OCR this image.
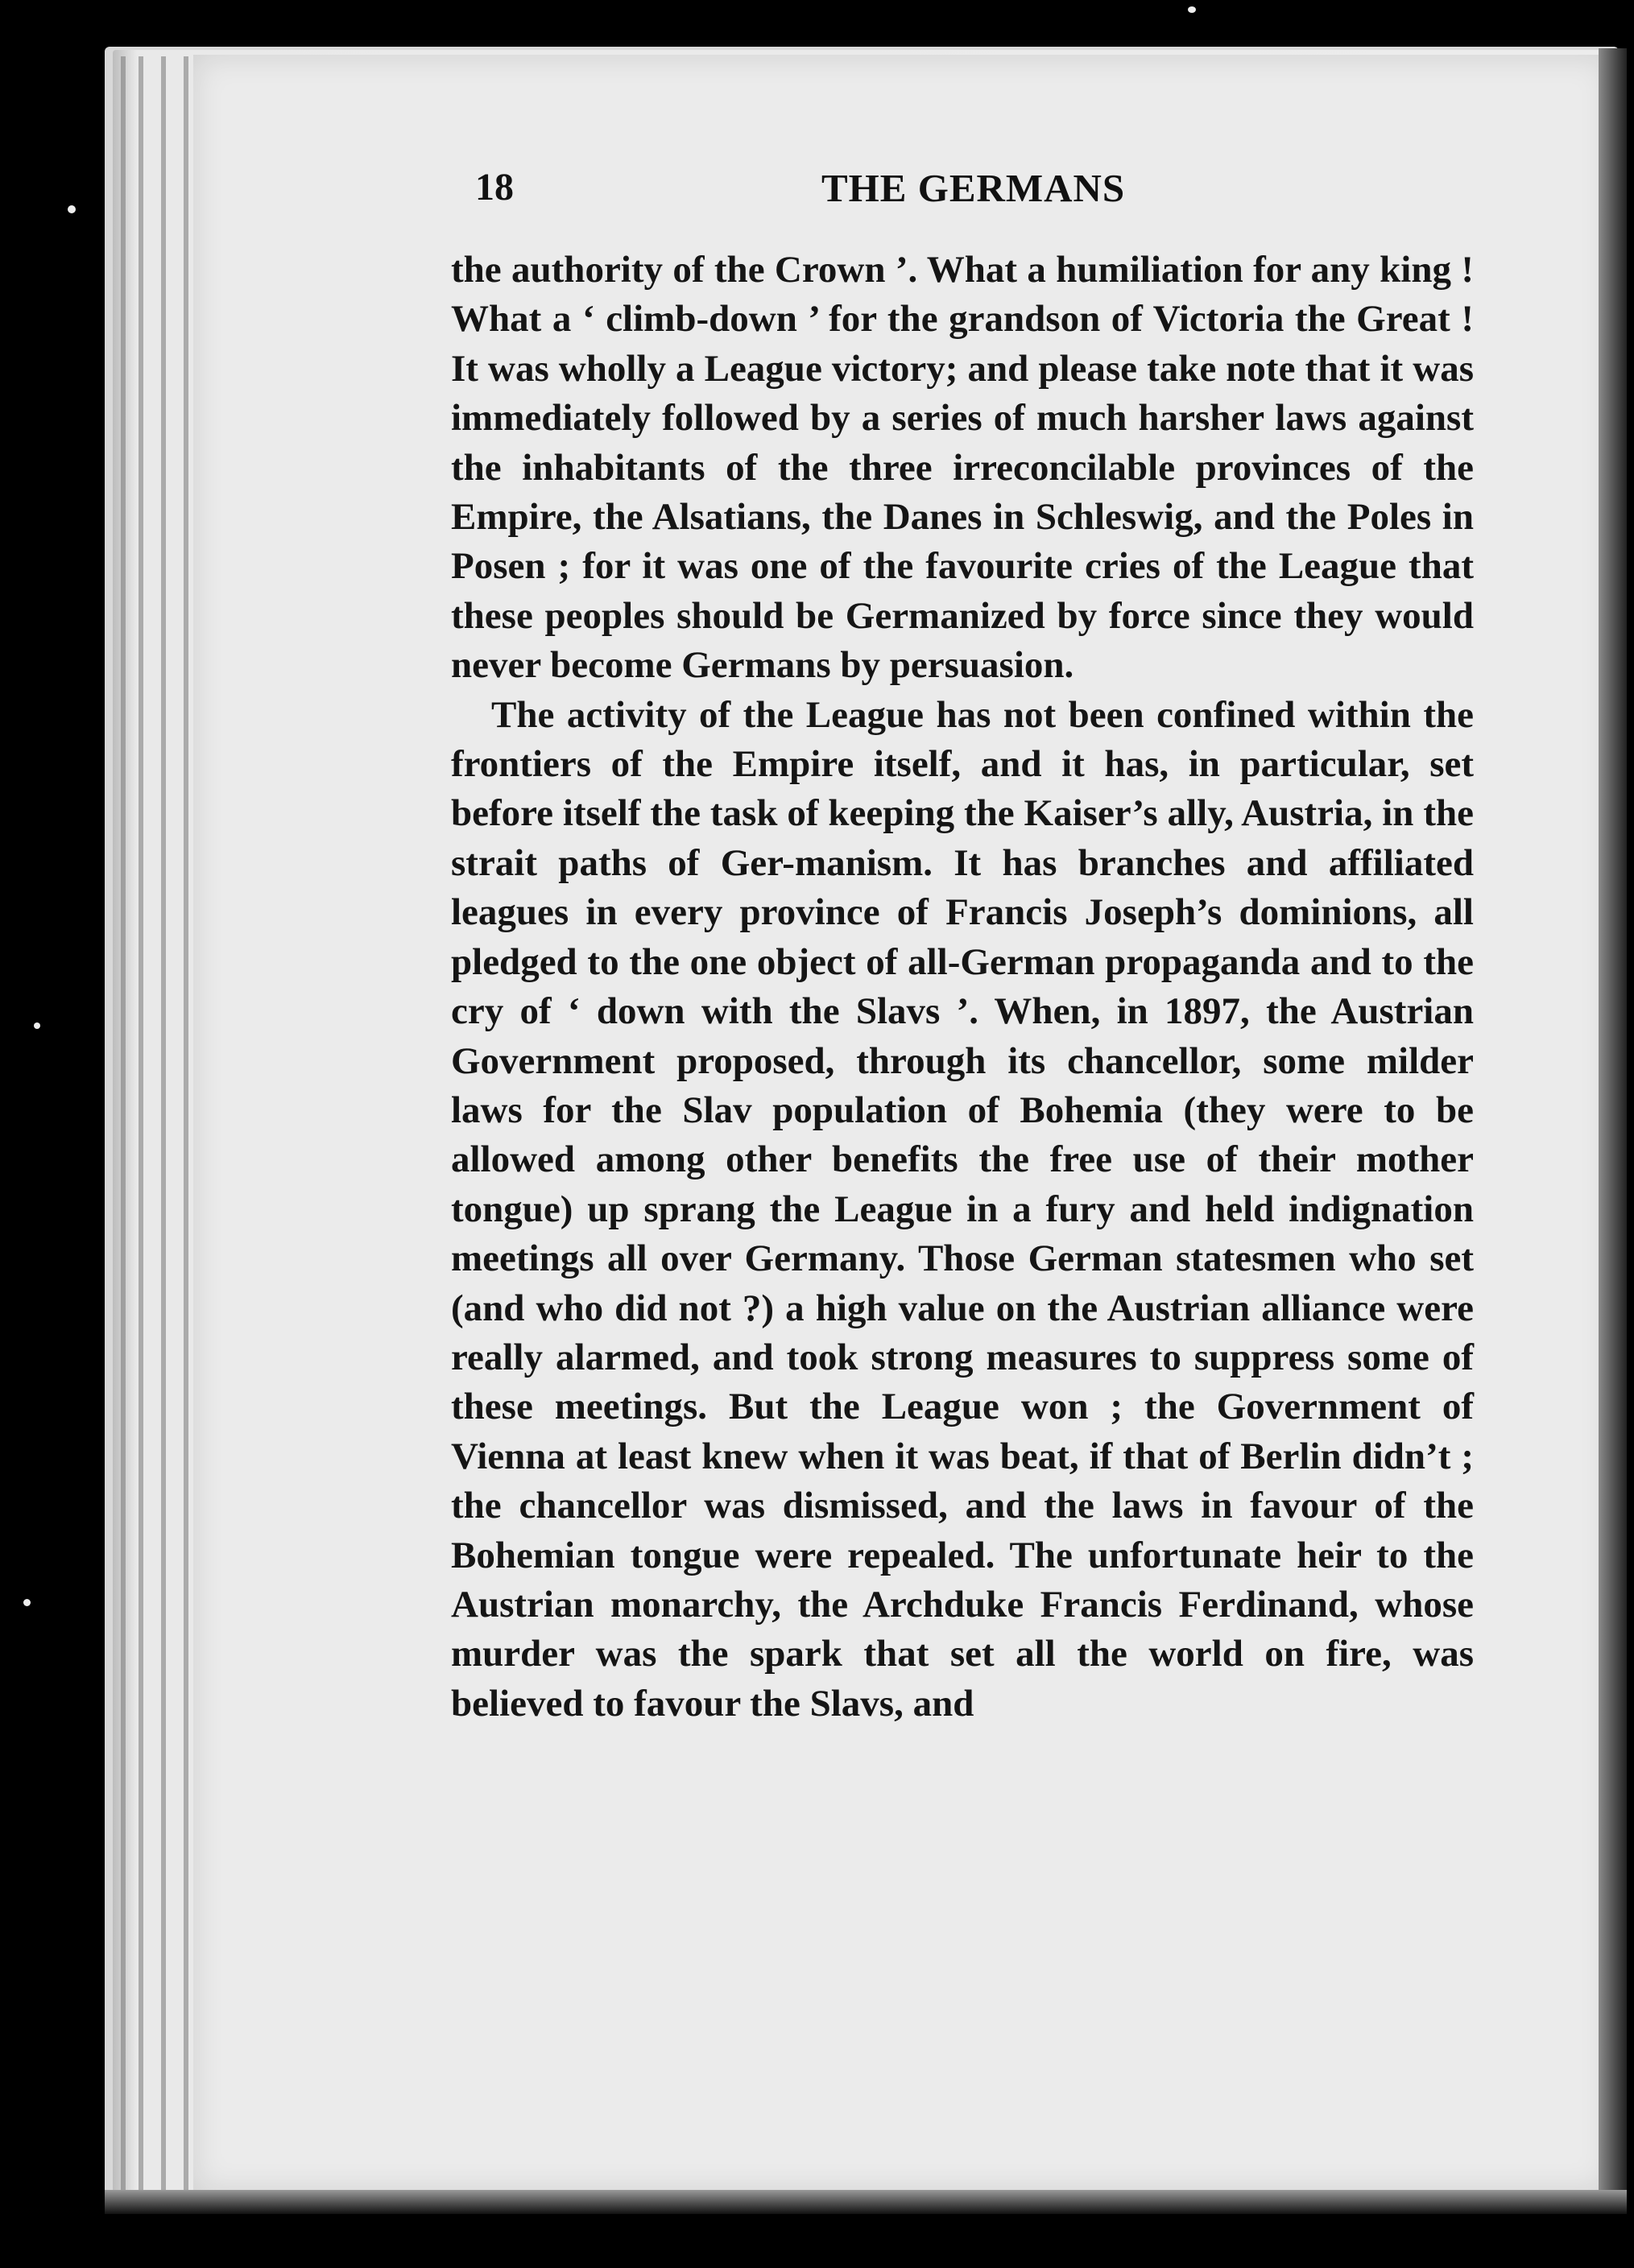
18	THE GERMANS

the authority of the Crown ’. What a humiliation for any king ! What a ‘ climb-down ’ for the grandson of Victoria the Great ! It was wholly a League victory; and please take note that it was immediately followed by a series of much harsher laws against the inhabitants of the three irreconcilable provinces of the Empire, the Alsatians, the Danes in Schleswig, and the Poles in Posen ; for it was one of the favourite cries of the League that these peoples should be Germanized by force since they would never become Germans by persuasion.

The activity of the League has not been confined within the frontiers of the Empire itself, and it has, in particular, set before itself the task of keeping the Kaiser’s ally, Austria, in the strait paths of Ger-manism. It has branches and affiliated leagues in every province of Francis Joseph’s dominions, all pledged to the one object of all-German propaganda and to the cry of ‘ down with the Slavs ’. When, in 1897, the Austrian Government proposed, through its chancellor, some milder laws for the Slav population of Bohemia (they were to be allowed among other benefits the free use of their mother tongue) up sprang the League in a fury and held indignation meetings all over Germany. Those German statesmen who set (and who did not ?) a high value on the Austrian alliance were really alarmed, and took strong measures to suppress some of these meetings. But the League won ; the Government of Vienna at least knew when it was beat, if that of Berlin didn’t ; the chancellor was dismissed, and the laws in favour of the Bohemian tongue were repealed. The unfortunate heir to the Austrian monarchy, the Archduke Francis Ferdinand, whose murder was the spark that set all the world on fire, was believed to favour the Slavs, and
